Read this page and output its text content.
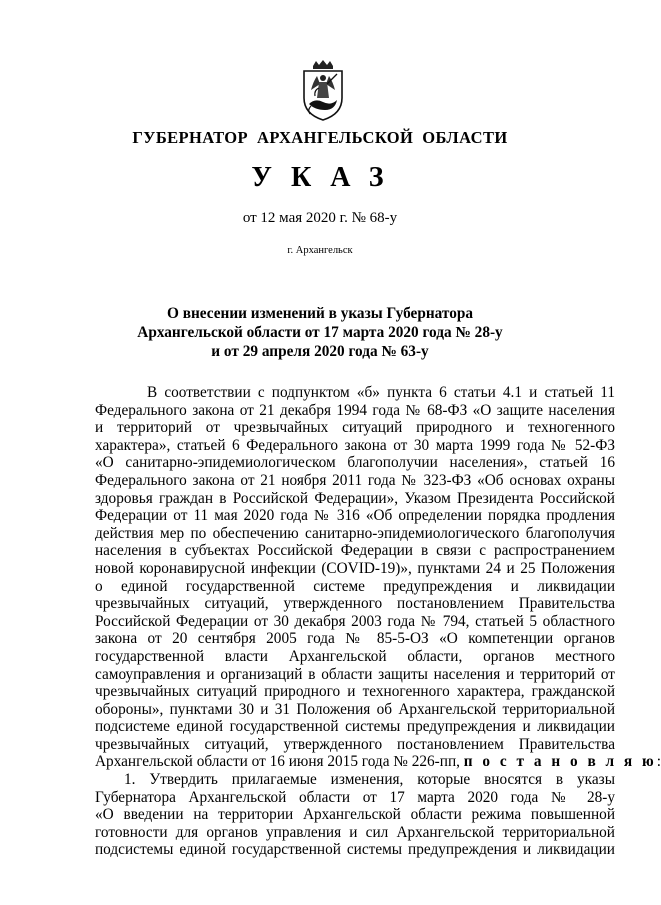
ГУБЕРНАТОР  АРХАНГЕЛЬСКОЙ  ОБЛАСТИ
УКАЗ
от 12 мая 2020 г. № 68-у
г. Архангельск
О внесении изменений в указы Губернатора
Архангельской области от 17 марта 2020 года № 28-у
и от 29 апреля 2020 года № 63-у
В соответствии с подпунктом «б» пункта 6 статьи 4.1 и статьей 11
Федерального закона от 21 декабря 1994 года № 68-ФЗ «О защите населения
и территорий от чрезвычайных ситуаций природного и техногенного
характера», статьей 6 Федерального закона от 30 марта 1999 года № 52-ФЗ
«О санитарно-эпидемиологическом благополучии населения», статьей 16
Федерального закона от 21 ноября 2011 года № 323-ФЗ «Об основах охраны
здоровья граждан в Российской Федерации», Указом Президента Российской
Федерации от 11 мая 2020 года № 316 «Об определении порядка продления
действия мер по обеспечению санитарно-эпидемиологического благополучия
населения в субъектах Российской Федерации в связи с распространением
новой коронавирусной инфекции (COVID-19)», пунктами 24 и 25 Положения
о единой государственной системе предупреждения и ликвидации
чрезвычайных ситуаций, утвержденного постановлением Правительства
Российской Федерации от 30 декабря 2003 года № 794, статьей 5 областного
закона от 20 сентября 2005 года № 85-5-ОЗ «О компетенции органов
государственной власти Архангельской области, органов местного
самоуправления и организаций в области защиты населения и территорий от
чрезвычайных ситуаций природного и техногенного характера, гражданской
обороны», пунктами 30 и 31 Положения об Архангельской территориальной
подсистеме единой государственной системы предупреждения и ликвидации
чрезвычайных ситуаций, утвержденного постановлением Правительства
Архангельской области от 16 июня 2015 года № 226-пп, п о с т а н о в л я ю:
1. Утвердить прилагаемые изменения, которые вносятся в указы
Губернатора Архангельской области от 17 марта 2020 года № 28-у
«О введении на территории Архангельской области режима повышенной
готовности для органов управления и сил Архангельской территориальной
подсистемы единой государственной системы предупреждения и ликвидации
